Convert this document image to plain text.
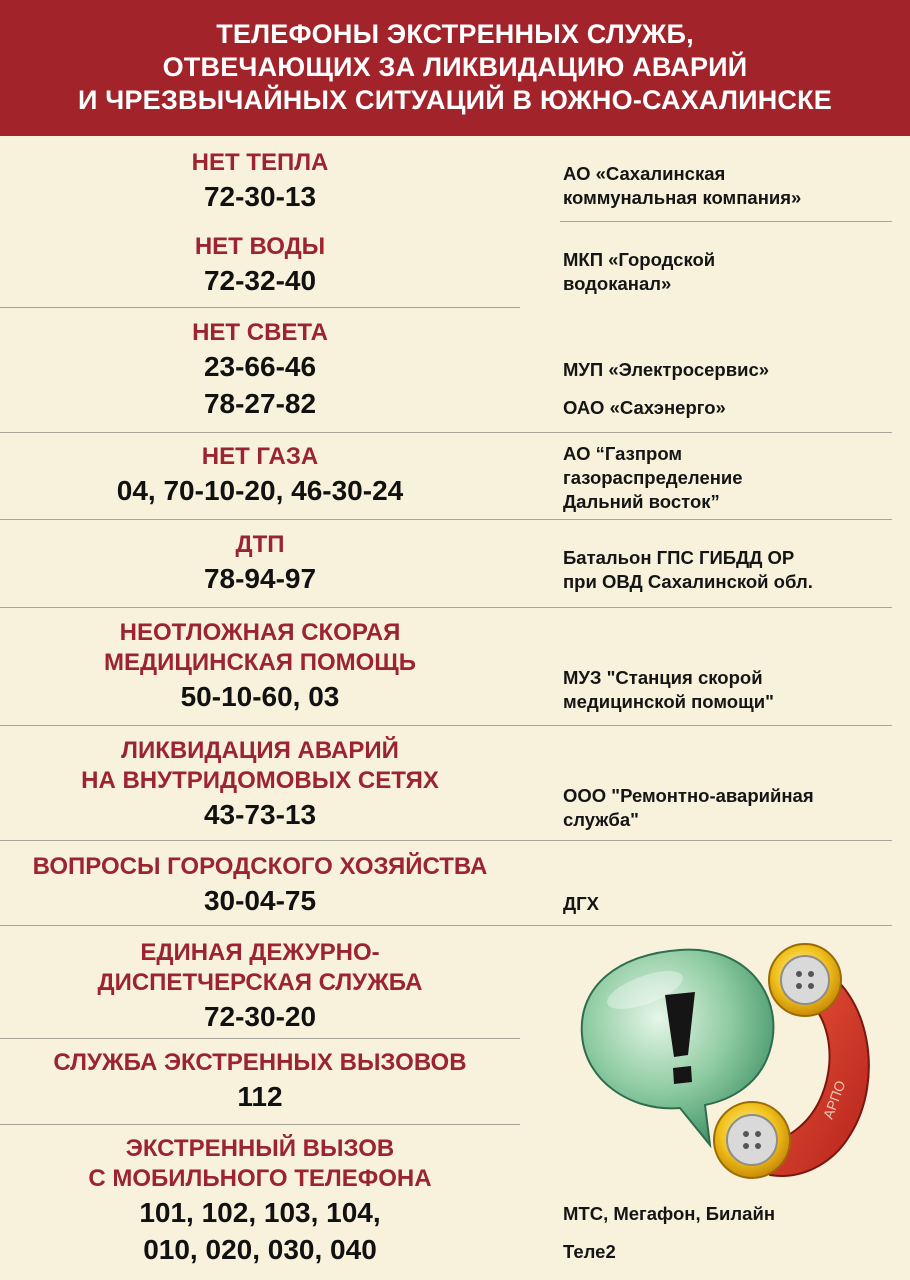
ТЕЛЕФОНЫ ЭКСТРЕННЫХ СЛУЖБ,
ОТВЕЧАЮЩИХ ЗА ЛИКВИДАЦИЮ АВАРИЙ
И ЧРЕЗВЫЧАЙНЫХ СИТУАЦИЙ В ЮЖНО-САХАЛИНСКЕ
НЕТ ТЕПЛА
72-30-13
АО «Сахалинская
коммунальная компания»
НЕТ ВОДЫ
72-32-40
МКП «Городской
водоканал»
НЕТ СВЕТА
23-66-46
78-27-82
МУП «Электросервис»
ОАО «Сахэнерго»
НЕТ ГАЗА
04, 70-10-20, 46-30-24
АО “Газпром
газораспределение
Дальний восток”
ДТП
78-94-97
Батальон ГПС ГИБДД ОР
при ОВД Сахалинской обл.
НЕОТЛОЖНАЯ СКОРАЯ
МЕДИЦИНСКАЯ ПОМОЩЬ
50-10-60, 03
МУЗ "Станция скорой
медицинской помощи"
ЛИКВИДАЦИЯ АВАРИЙ
НА ВНУТРИДОМОВЫХ СЕТЯХ
43-73-13
ООО "Ремонтно-аварийная
служба"
ВОПРОСЫ ГОРОДСКОГО ХОЗЯЙСТВА
30-04-75	ДГХ
ЕДИНАЯ ДЕЖУРНО-
ДИСПЕТЧЕРСКАЯ СЛУЖБА
72-30-20
СЛУЖБА ЭКСТРЕННЫХ ВЫЗОВОВ
112
ЭКСТРЕННЫЙ ВЫЗОВ
С МОБИЛЬНОГО ТЕЛЕФОНА
101, 102, 103, 104,
010, 020, 030, 040
МТС, Мегафон, Билайн
Теле2
АРПО
